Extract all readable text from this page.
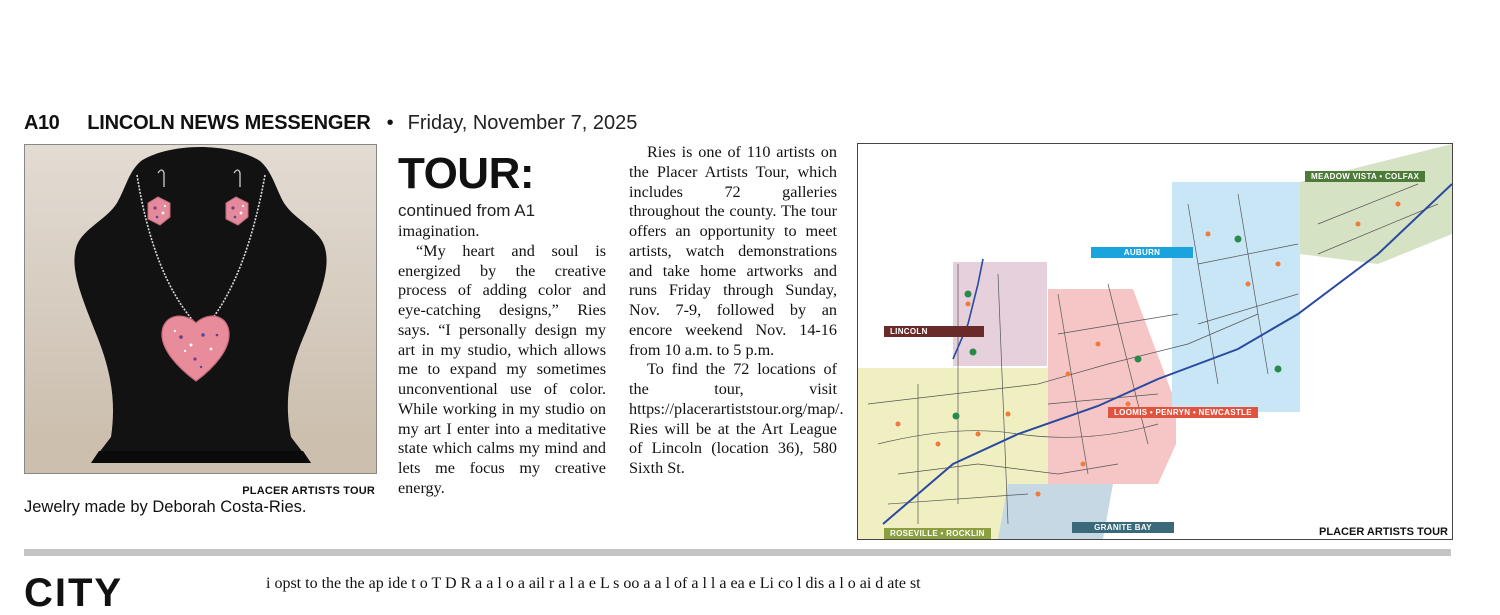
A10 LINCOLN NEWS MESSENGER • Friday, November 7, 2025
PLACER ARTISTS TOUR
Jewelry made by Deborah Costa-Ries.
TOUR:
continued from A1

imagination.

“My heart and soul is energized by the creative process of adding color and eye-catching designs,” Ries says. “I personally design my art in my studio, which allows me to expand my sometimes unconventional use of color. While working in my studio on my art I enter into a meditative state which calms my mind and lets me focus my creative energy.

Ries is one of 110 artists on the Placer Artists Tour, which includes 72 galleries throughout the county. The tour offers an opportunity to meet artists, watch demonstrations and take home artworks and runs Friday through Sunday, Nov. 7-9, followed by an encore weekend Nov. 14-16 from 10 a.m. to 5 p.m.

To find the 72 locations of the tour, visit https://placerartiststour.org/map/. Ries will be at the Art League of Lincoln (location 36), 580 Sixth St.

LINCOLN
AUBURN
MEADOW VISTA • COLFAX
LOOMIS • PENRYN • NEWCASTLE
GRANITE BAY
ROSEVILLE • ROCKLIN	PLACER ARTISTS TOUR
CITY	i opst to the the ap ide t o T D R a a l o a ail r a l a e L s oo a a l of a l l a ea e Li co l dis a l o ai d ate st
